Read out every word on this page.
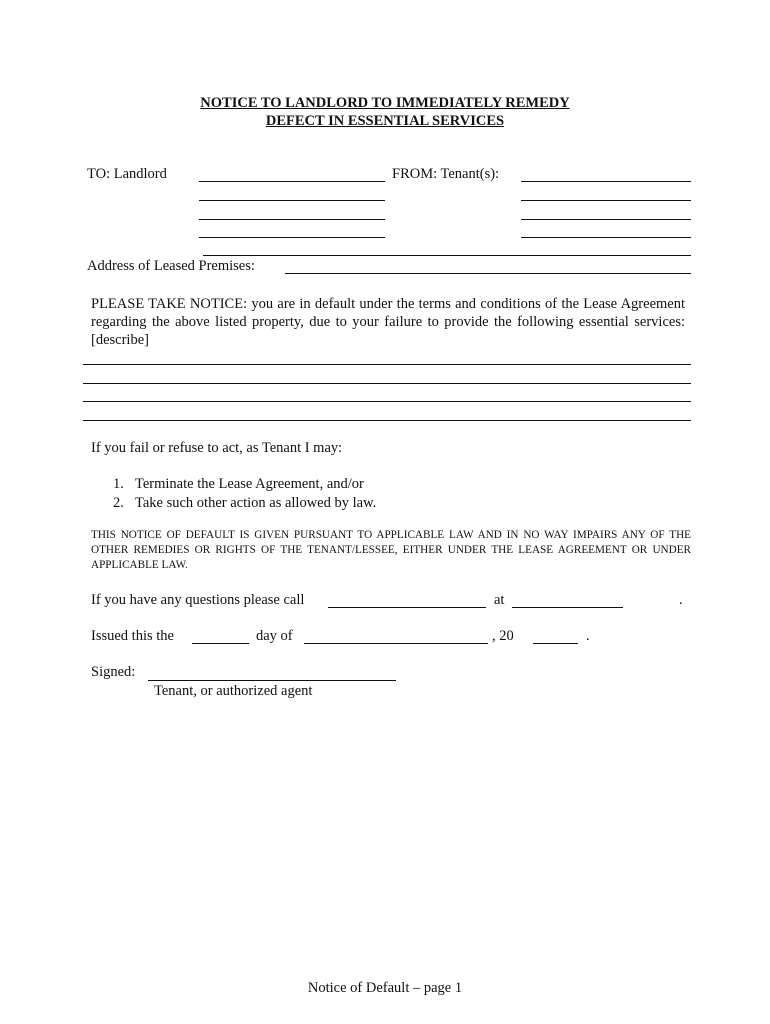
NOTICE TO LANDLORD TO IMMEDIATELY REMEDY
DEFECT IN ESSENTIAL SERVICES
TO: Landlord	FROM: Tenant(s):
Address of Leased Premises:
PLEASE TAKE NOTICE: you are in default under the terms and conditions of the Lease Agreement regarding the above listed property, due to your failure to provide the following essential services: [describe]
If you fail or refuse to act, as Tenant I may:
1. Terminate the Lease Agreement, and/or
2. Take such other action as allowed by law.
THIS NOTICE OF DEFAULT IS GIVEN PURSUANT TO APPLICABLE LAW AND IN NO WAY IMPAIRS ANY OF THE OTHER REMEDIES OR RIGHTS OF THE TENANT/LESSEE, EITHER UNDER THE LEASE AGREEMENT OR UNDER APPLICABLE LAW.
If you have any questions please call	at	.
Issued this the	day of	, 20	.
Signed:
Tenant, or authorized agent
Notice of Default – page 1
